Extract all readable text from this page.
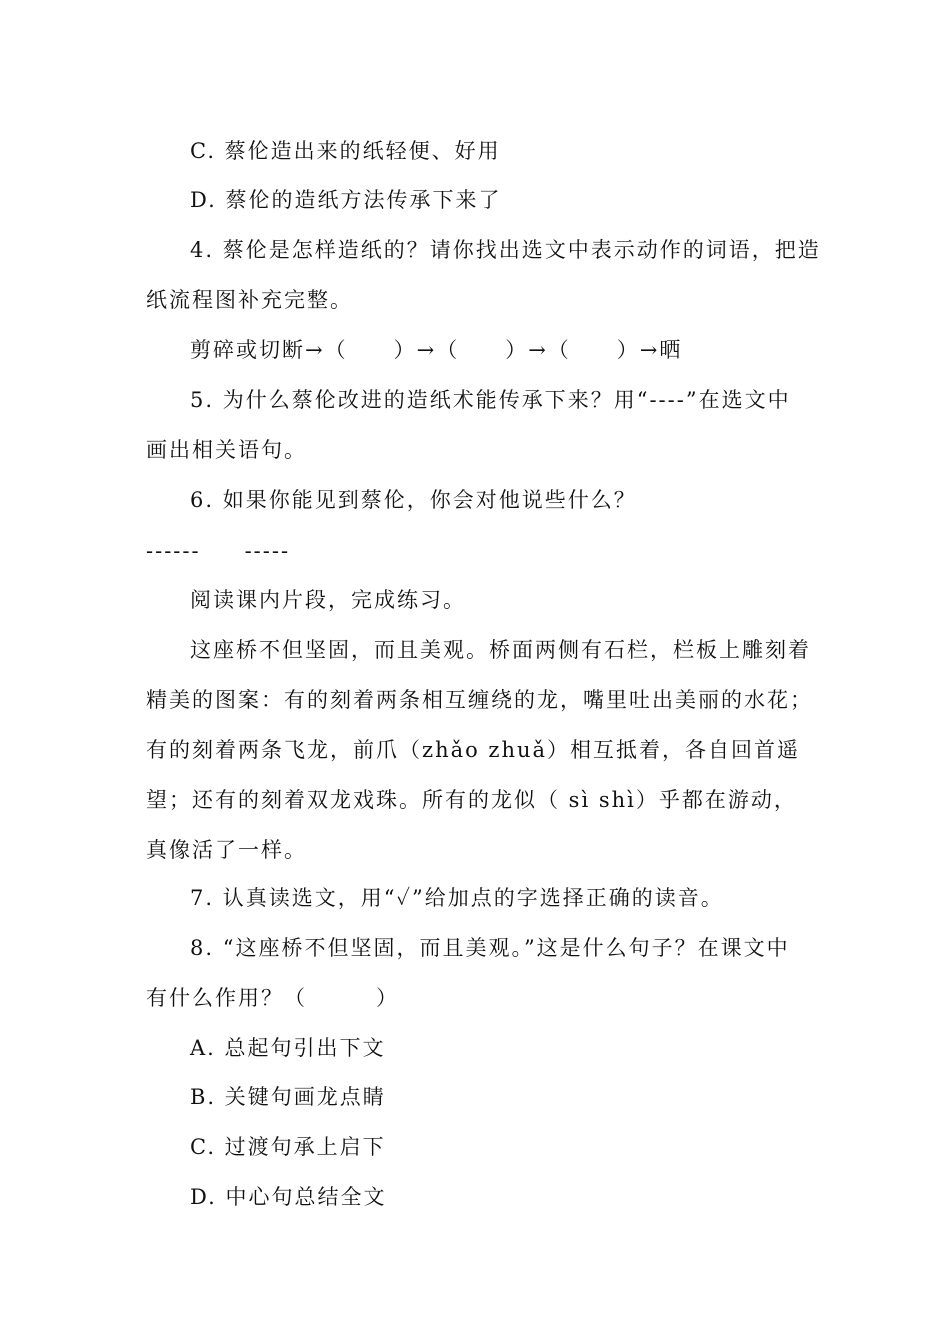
C. 蔡伦造出来的纸轻便、好用
D. 蔡伦的造纸方法传承下来了
4. 蔡伦是怎样造纸的？请你找出选文中表示动作的词语，把造
纸流程图补充完整。
剪碎或切断→（　　）→（　　）→（　　）→晒
5. 为什么蔡伦改进的造纸术能传承下来？用“----”在选文中
画出相关语句。
6. 如果你能见到蔡伦，你会对他说些什么？
------ -----
阅读课内片段，完成练习。
这座桥不但坚固，而且美观。桥面两侧有石栏，栏板上雕刻着
精美的图案：有的刻着两条相互缠绕的龙，嘴里吐出美丽的水花；
有的刻着两条飞龙，前爪（zhǎo zhuǎ）相互抵着，各自回首遥
望；还有的刻着双龙戏珠。所有的龙似（ sì shì）乎都在游动，
真像活了一样。
7. 认真读选文，用“✓”给加点的字选择正确的读音。
8. “这座桥不但坚固，而且美观。”这是什么句子？在课文中
有什么作用？（　　　）
A. 总起句引出下文
B. 关键句画龙点睛
C. 过渡句承上启下
D. 中心句总结全文
